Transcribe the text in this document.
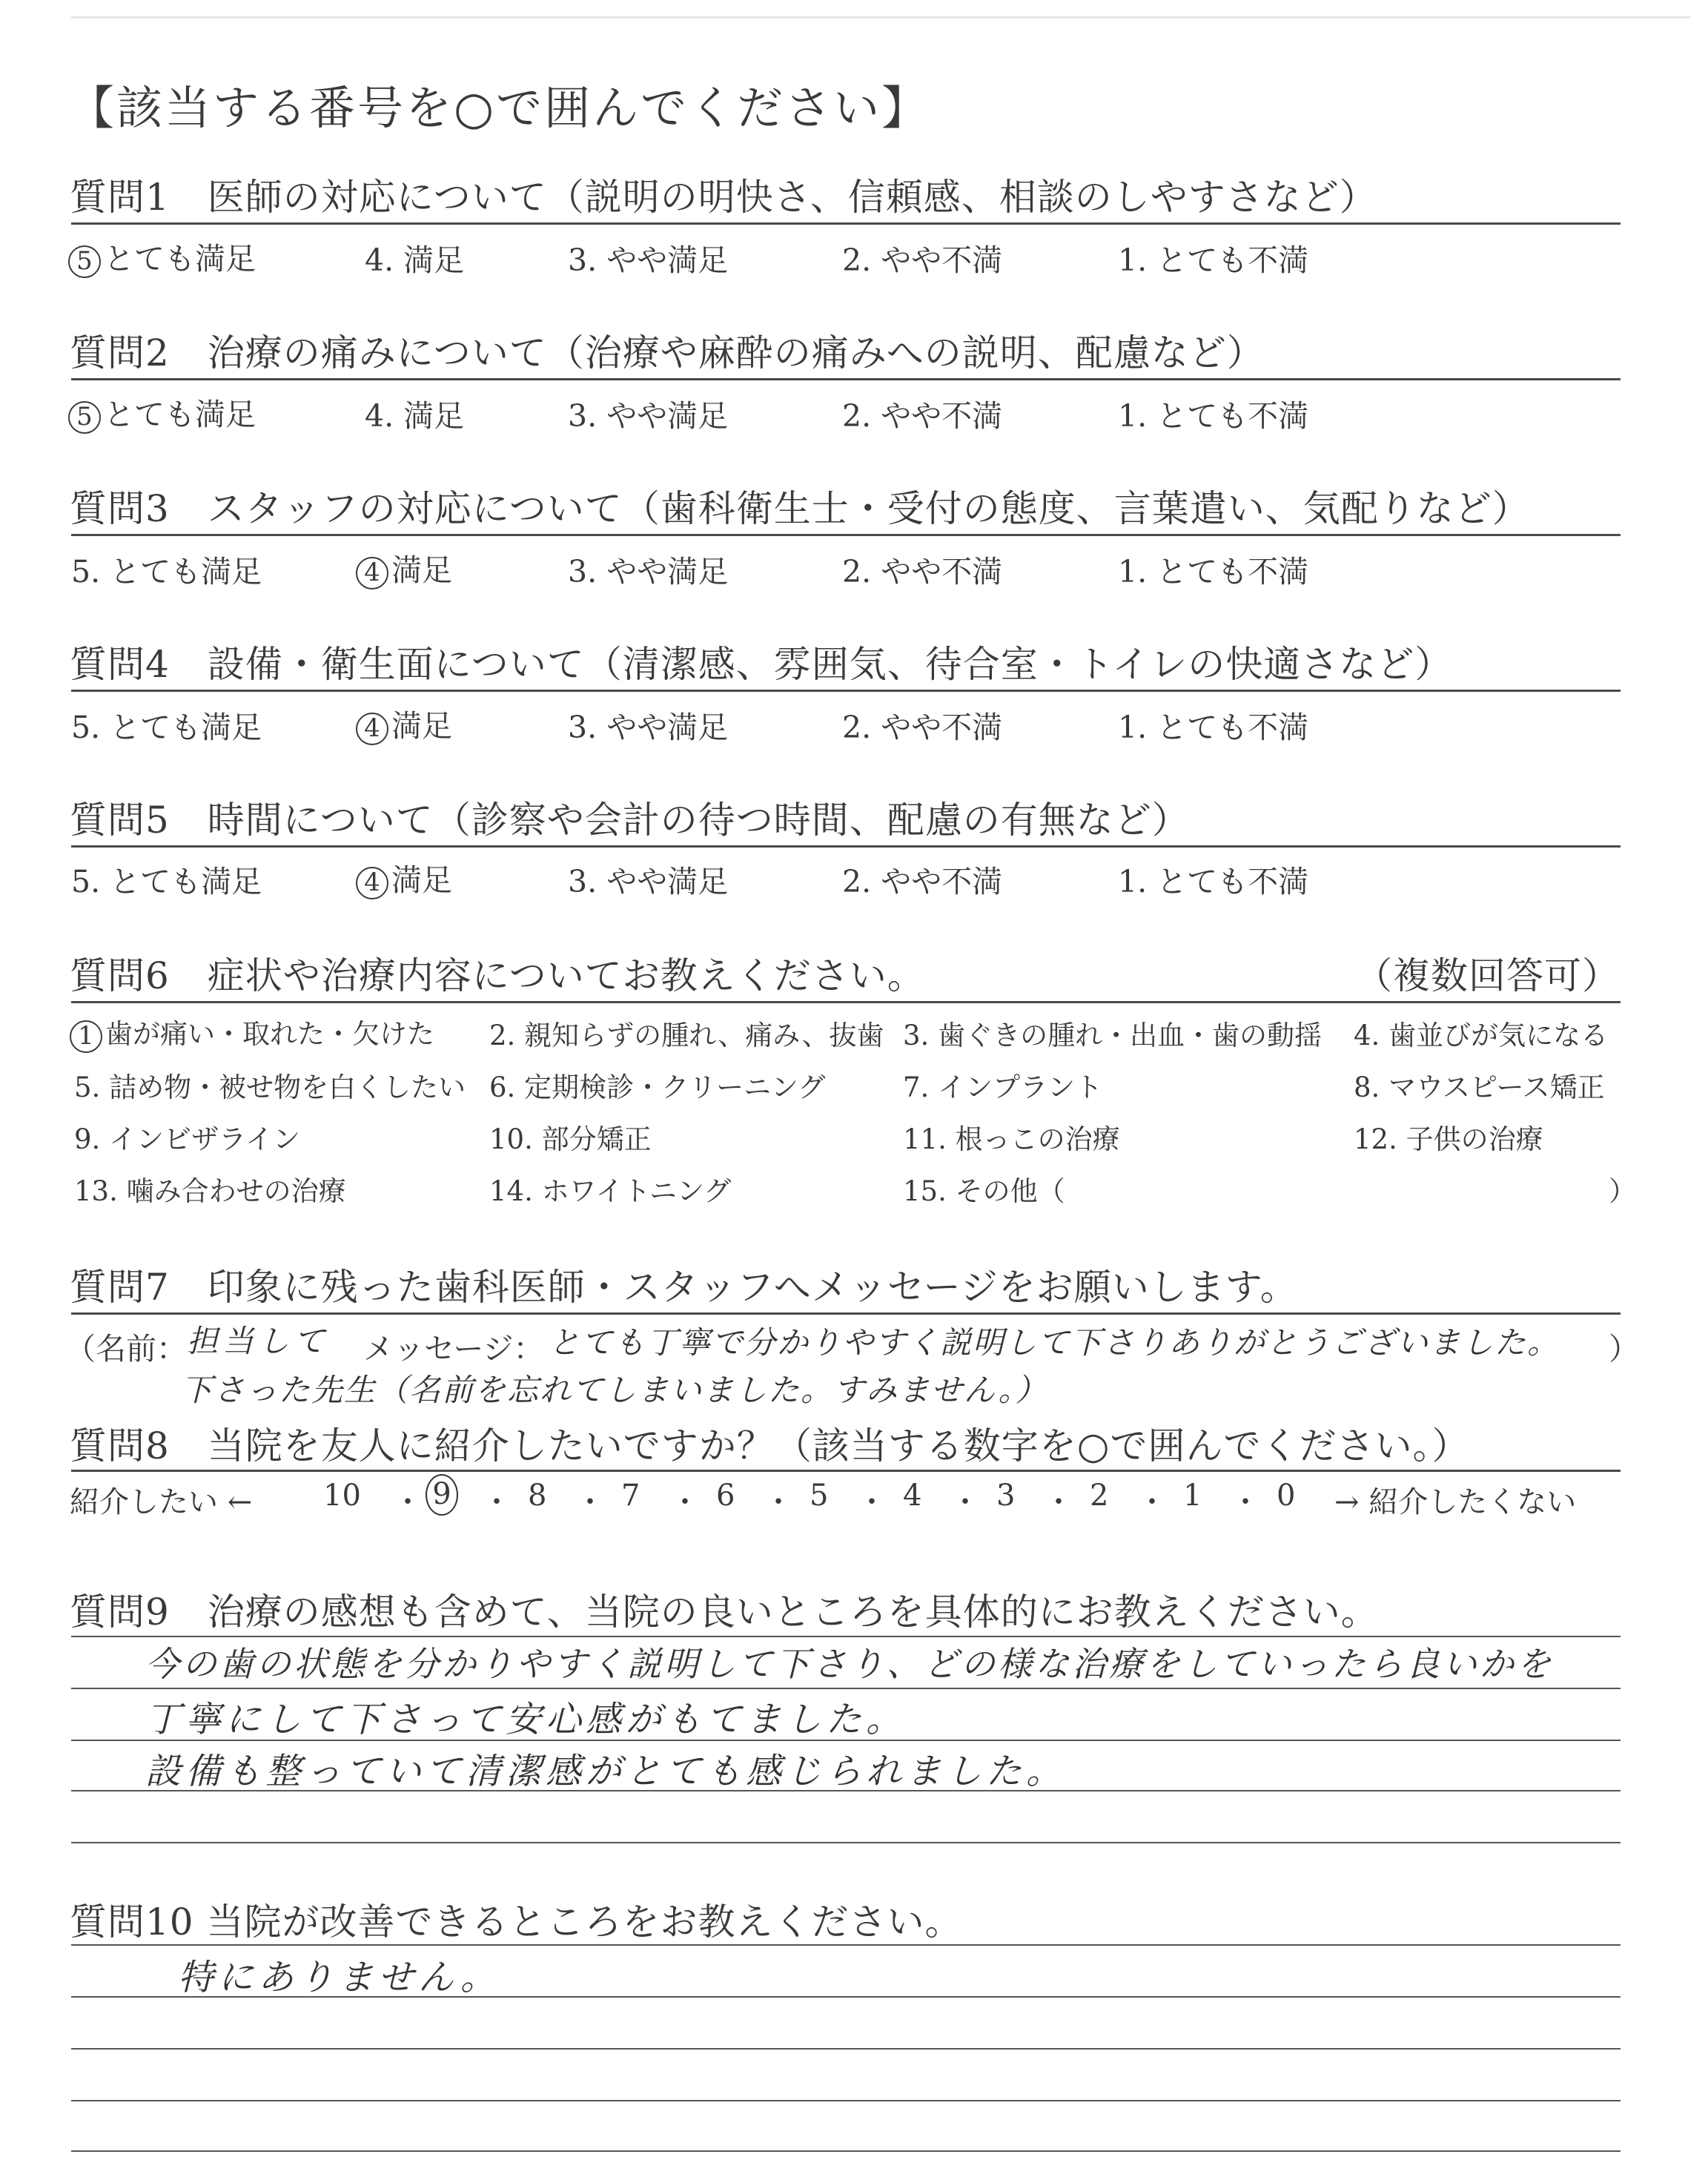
【該当する番号を○で囲んでください】
質問1　医師の対応について（説明の明快さ、信頼感、相談のしやすさなど）
5 とても満足	4. 満足	3. やや満足	2. やや不満	1. とても不満
質問2　治療の痛みについて（治療や麻酔の痛みへの説明、配慮など）
5 とても満足	4. 満足	3. やや満足	2. やや不満	1. とても不満
質問3　スタッフの対応について（歯科衛生士・受付の態度、言葉遣い、気配りなど）
5. とても満足	4 満足	3. やや満足	2. やや不満	1. とても不満
質問4　設備・衛生面について（清潔感、雰囲気、待合室・トイレの快適さなど）
5. とても満足	4 満足	3. やや満足	2. やや不満	1. とても不満
質問5　時間について（診察や会計の待つ時間、配慮の有無など）
5. とても満足	4 満足	3. やや満足	2. やや不満	1. とても不満
質問6　症状や治療内容についてお教えください。	（複数回答可）
1 歯が痛い・取れた・欠けた 2. 親知らずの腫れ、痛み、抜歯 3. 歯ぐきの腫れ・出血・歯の動揺 4. 歯並びが気になる
5. 詰め物・被せ物を白くしたい 6. 定期検診・クリーニング	7. インプラント	8. マウスピース矯正
9. インビザライン	10. 部分矯正	11. 根っこの治療	12. 子供の治療
13. 噛み合わせの治療	14. ホワイトニング	15. その他（	）
質問7　印象に残った歯科医師・スタッフへメッセージをお願いします。
（名前： 担当して メッセージ： とても丁寧で分かりやすく説明して下さりありがとうございました。 ）
下さった先生（名前を忘れてしまいました。すみません。）
質問8　当院を友人に紹介したいですか？（該当する数字を○で囲んでください。）
紹介したい ← 10 ・ 9 ・ 8 ・ 7 ・ 6 ・ 5 ・ 4 ・ 3 ・ 2 ・ 1 ・ 0 → 紹介したくない
質問9　治療の感想も含めて、当院の良いところを具体的にお教えください。
今の歯の状態を分かりやすく説明して下さり、どの様な治療をしていったら良いかを
丁寧にして下さって安心感がもてました。
設備も整っていて清潔感がとても感じられました。
質問10 当院が改善できるところをお教えください。
特にありません。
